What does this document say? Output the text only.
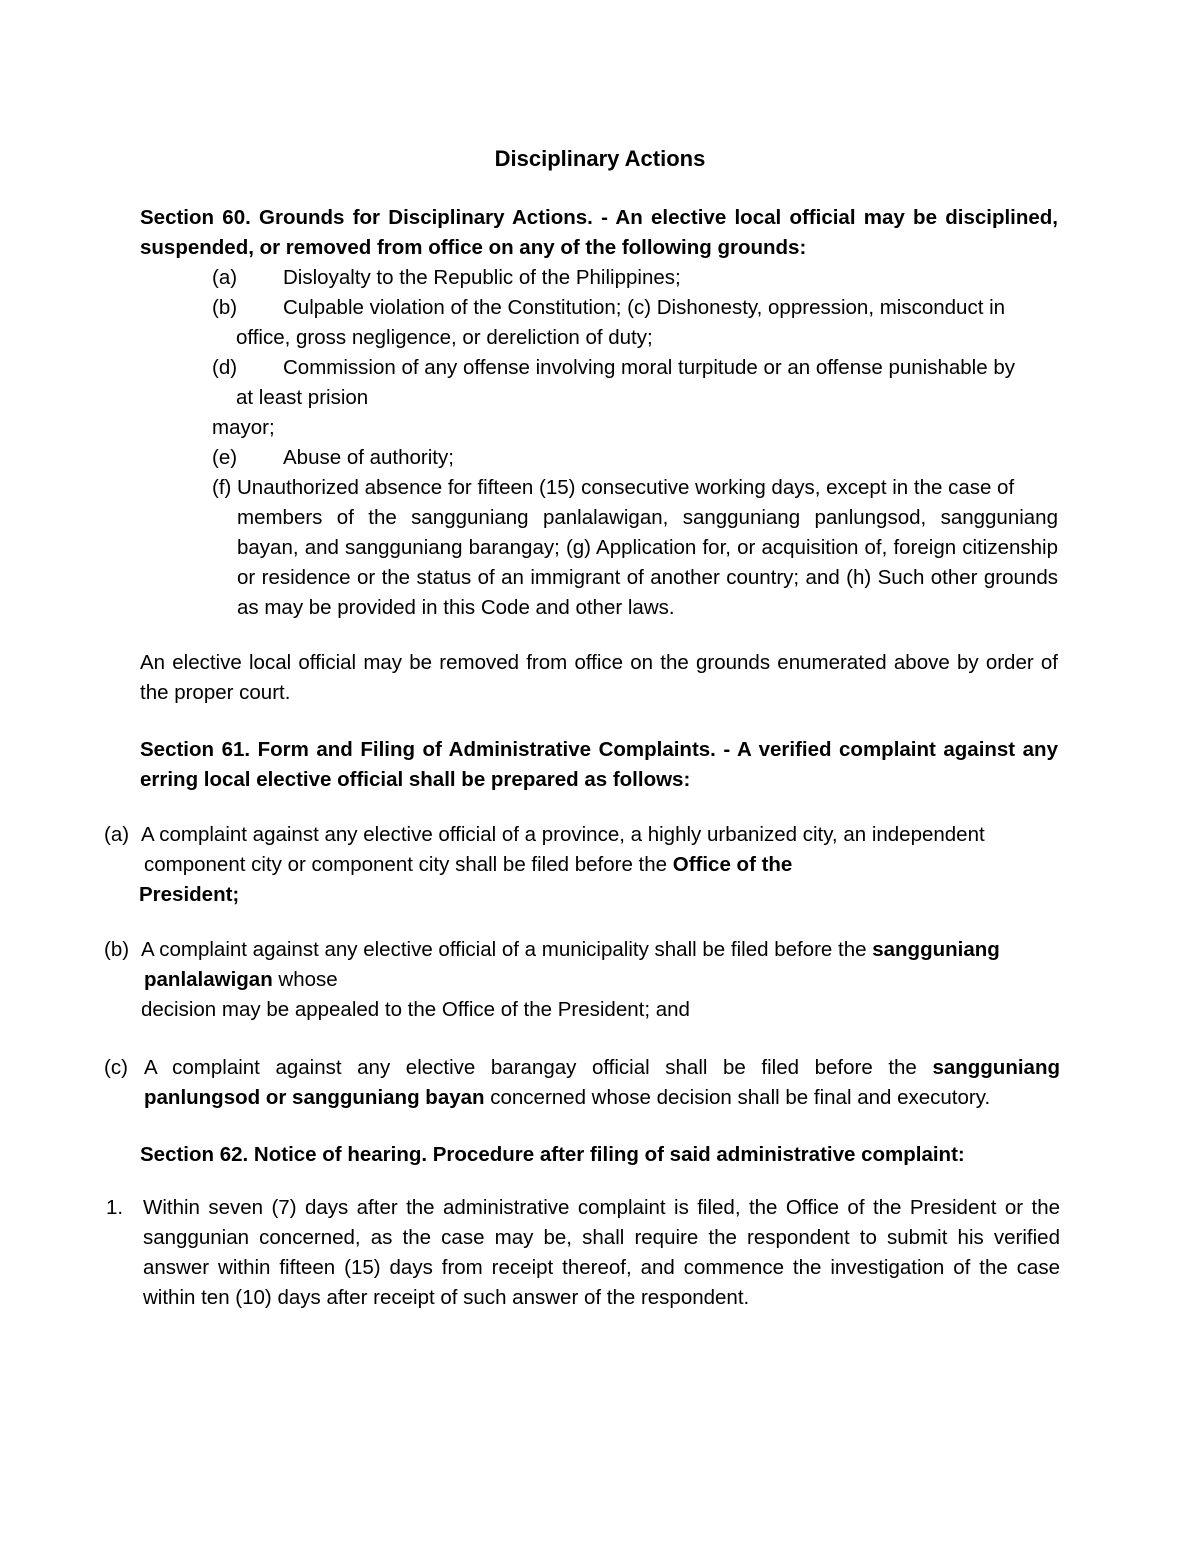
Disciplinary Actions
Section 60. Grounds for Disciplinary Actions. - An elective local official may be disciplined,
suspended, or removed from office on any of the following grounds:
(a) Disloyalty to the Republic of the Philippines;
(b) Culpable violation of the Constitution; (c) Dishonesty, oppression, misconduct in
office, gross negligence, or dereliction of duty;
(d) Commission of any offense involving moral turpitude or an offense punishable by
at least prision
mayor;
(e) Abuse of authority;
(f) Unauthorized absence for fifteen (15) consecutive working days, except in the case of
members of the sangguniang panlalawigan, sangguniang panlungsod, sangguniang bayan, and sangguniang barangay; (g) Application for, or acquisition of, foreign citizenship or residence or the status of an immigrant of another country; and (h) Such other grounds as may be provided in this Code and other laws.
An elective local official may be removed from office on the grounds enumerated above by order of the proper court.
Section 61. Form and Filing of Administrative Complaints. - A verified complaint against any erring local elective official shall be prepared as follows:
(a) A complaint against any elective official of a province, a highly urbanized city, an independent
component city or component city shall be filed before the Office of the
President;
(b) A complaint against any elective official of a municipality shall be filed before the sangguniang
panlalawigan whose
decision may be appealed to the Office of the President; and
(c) A complaint against any elective barangay official shall be filed before the sangguniang panlungsod or sangguniang bayan concerned whose decision shall be final and executory.
Section 62. Notice of hearing. Procedure after filing of said administrative complaint:
1. Within seven (7) days after the administrative complaint is filed, the Office of the President or the sanggunian concerned, as the case may be, shall require the respondent to submit his verified answer within fifteen (15) days from receipt thereof, and commence the investigation of the case within ten (10) days after receipt of such answer of the respondent.
